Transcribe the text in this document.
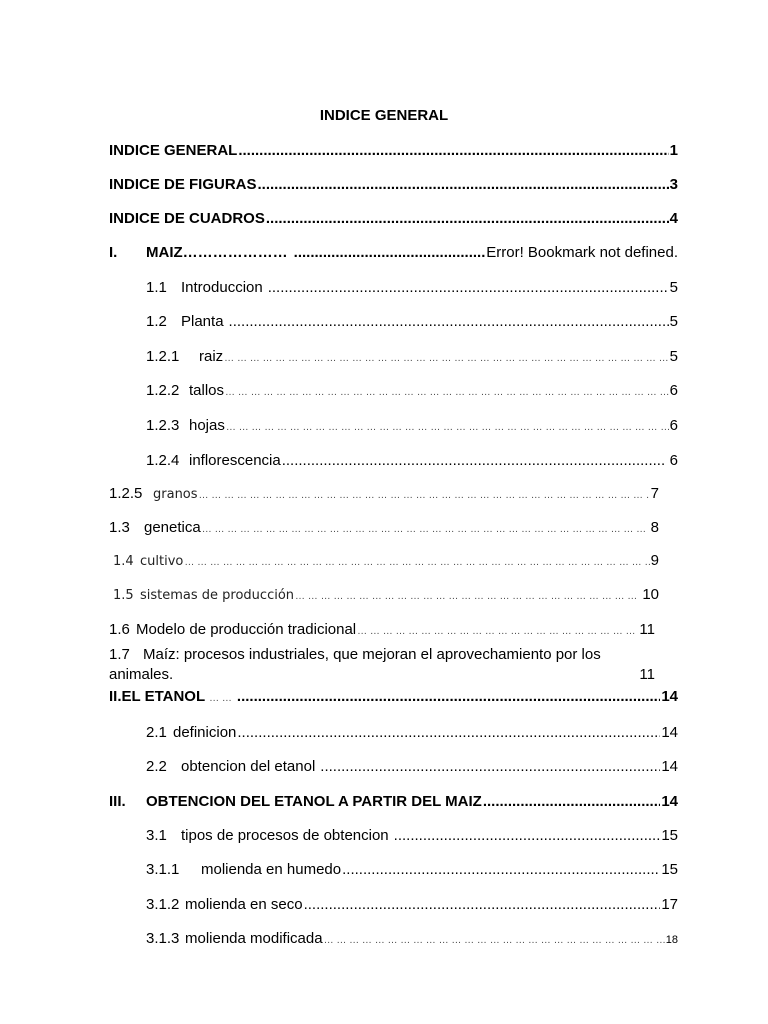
INDICE GENERAL
INDICE GENERAL .....	1
INDICE DE FIGURAS .....	3
INDICE DE CUADROS .....	4
I.	MAIZ ………………… .....	Error! Bookmark not defined.
1.1 Introduccion .....	5
1.2 Planta .....	5
1.2.1	raiz … … … … … … … … … … … … … … … … … … … … … … … … … … … … … … … … … … … … … … … … … … … … … … … … … … … … … … … … … … … … … … … … … … … … … …	5
1.2.2 tallos … … … … … … … … … … … … … … … … … … … … … … … … … … … … … … … … … … … … … … … … … … … … … … … … … … … … … … … … … … … … … … … … … … … … … …	6
1.2.3 hojas … … … … … … … … … … … … … … … … … … … … … … … … … … … … … … … … … … … … … … … … … … … … … … … … … … … … … … … … … … … … … … … … … … … … … …	6
1.2.4 inflorescencia .....	6
1.2.5 granos … … … … … … … … … … … … … … … … … … … … … … … … … … … … … … … … … … … … … … … … … … … … … … … … … … … … … … … … … … … … … … … … … … … … … …	7
1.3 genetica … … … … … … … … … … … … … … … … … … … … … … … … … … … … … … … … … … … … … … … … … … … … … … … … … … … … … … … … … … … … … … … … … … … … … …	8
1.4 cultivo … … … … … … … … … … … … … … … … … … … … … … … … … … … … … … … … … … … … … … … … … … … … … … … … … … … … … … … … … … … … … … … … … … … … … …	9
1.5 sistemas de producción … … … … … … … … … … … … … … … … … … … … … … … … … … … … … … … … … … … … … … … … … … … … … … … … … … … … … … … … … … … … … … … … … … … … … …	10
1.6 Modelo de producción tradicional … … … … … … … … … … … … … … … … … … … … … … … … … … … … … … … … … … … … … … … … … … … … … … … … … … … … … … … … … … … … … … … … … … … … … …	11
1.7 Maíz: procesos industriales, que mejoran el aprovechamiento por los
animales.	11
II. EL ETANOL … … .....	14
2.1 definicion .....	14
2.2 obtencion del etanol .....	14
III.	OBTENCION DEL ETANOL A PARTIR DEL MAIZ .....	14
3.1 tipos de procesos de obtencion .....	15
3.1.1	molienda en humedo .....	15
3.1.2 molienda en seco .....	17
3.1.3 molienda modificada … … … … … … … … … … … … … … … … … … … … … … … … … … … … … … … … … … … … … … … … … … … … … … … … … … … … … … … … … … … … … … … … … … … … … …	18
